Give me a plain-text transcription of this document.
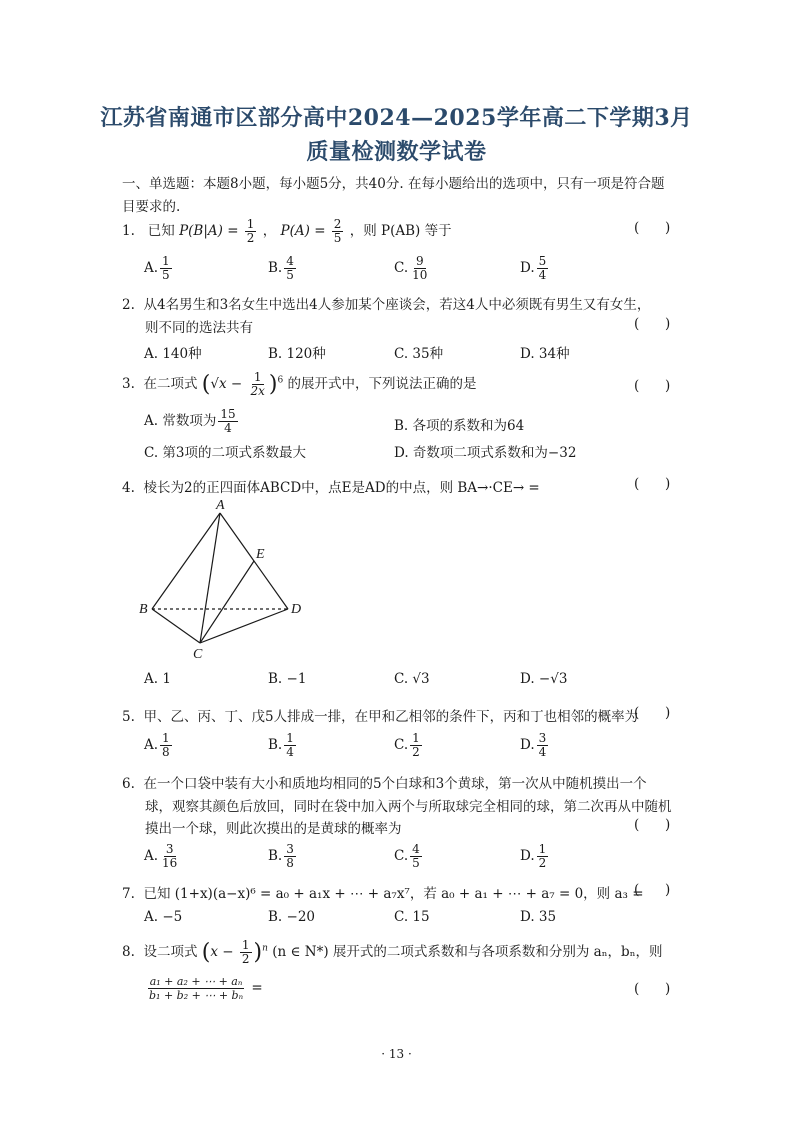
江苏省南通市区部分高中2024—2025学年高二下学期3月
质量检测数学试卷
一、单选题：本题8小题，每小题5分，共40分. 在每小题给出的选项中，只有一项是符合题
目要求的.
1. 已知 $P(B|A) = \frac{1}{2}$ ， $P(A) = \frac{2}{5}$ ，则 P(AB) 等于	(      )
A. $\frac{1}{5}$	B. $\frac{4}{5}$	C. $\frac{9}{10}$	D. $\frac{5}{4}$
2. 从4名男生和3名女生中选出4人参加某个座谈会，若这4人中必须既有男生又有女生，
则不同的选法共有	(      )
A. 140种	B. 120种	C. 35种	D. 34种
3. 在二项式 $(√x - \frac{1}{2x} )^6$ 的展开式中，下列说法正确的是	(      )
A. 常数项为 $\frac{15}{4}$	B. 各项的系数和为64
C. 第3项的二项式系数最大	D. 奇数项二项式系数和为−32
4. 棱长为2的正四面体ABCD中，点E是AD的中点，则 BA→·CE→ =	(      )
A
B
C
D
E
A. 1	B. −1	C. √3	D. −√3
5. 甲、乙、丙、丁、戊5人排成一排，在甲和乙相邻的条件下，丙和丁也相邻的概率为
(      )
A. $\frac{1}{8}$	B. $\frac{1}{4}$	C. $\frac{1}{2}$	D. $\frac{3}{4}$
6. 在一个口袋中装有大小和质地均相同的5个白球和3个黄球，第一次从中随机摸出一个
球，观察其颜色后放回，同时在袋中加入两个与所取球完全相同的球，第二次再从中随机
摸出一个球，则此次摸出的是黄球的概率为	(      )
A. $\frac{3}{16}$	B. $\frac{3}{8}$	C. $\frac{4}{5}$	D. $\frac{1}{2}$
7. 已知 (1+x)(a−x)⁶ = a₀ + a₁x + ⋯ + a₇x⁷，若 a₀ + a₁ + ⋯ + a₇ = 0，则 a₃ =
(      )
A. −5	B. −20	C. 15	D. 35
8. 设二项式 $(x - \frac{1}{2} )^n$ (n ∈ N*) 展开式的二项式系数和与各项系数和分别为 aₙ，bₙ，则
$\frac{\text{a₁ + a₂ + ⋯ + aₙ}}{\text{b₁ + b₂ + ⋯ + bₙ}}$ =	(      )
· 13 ·
